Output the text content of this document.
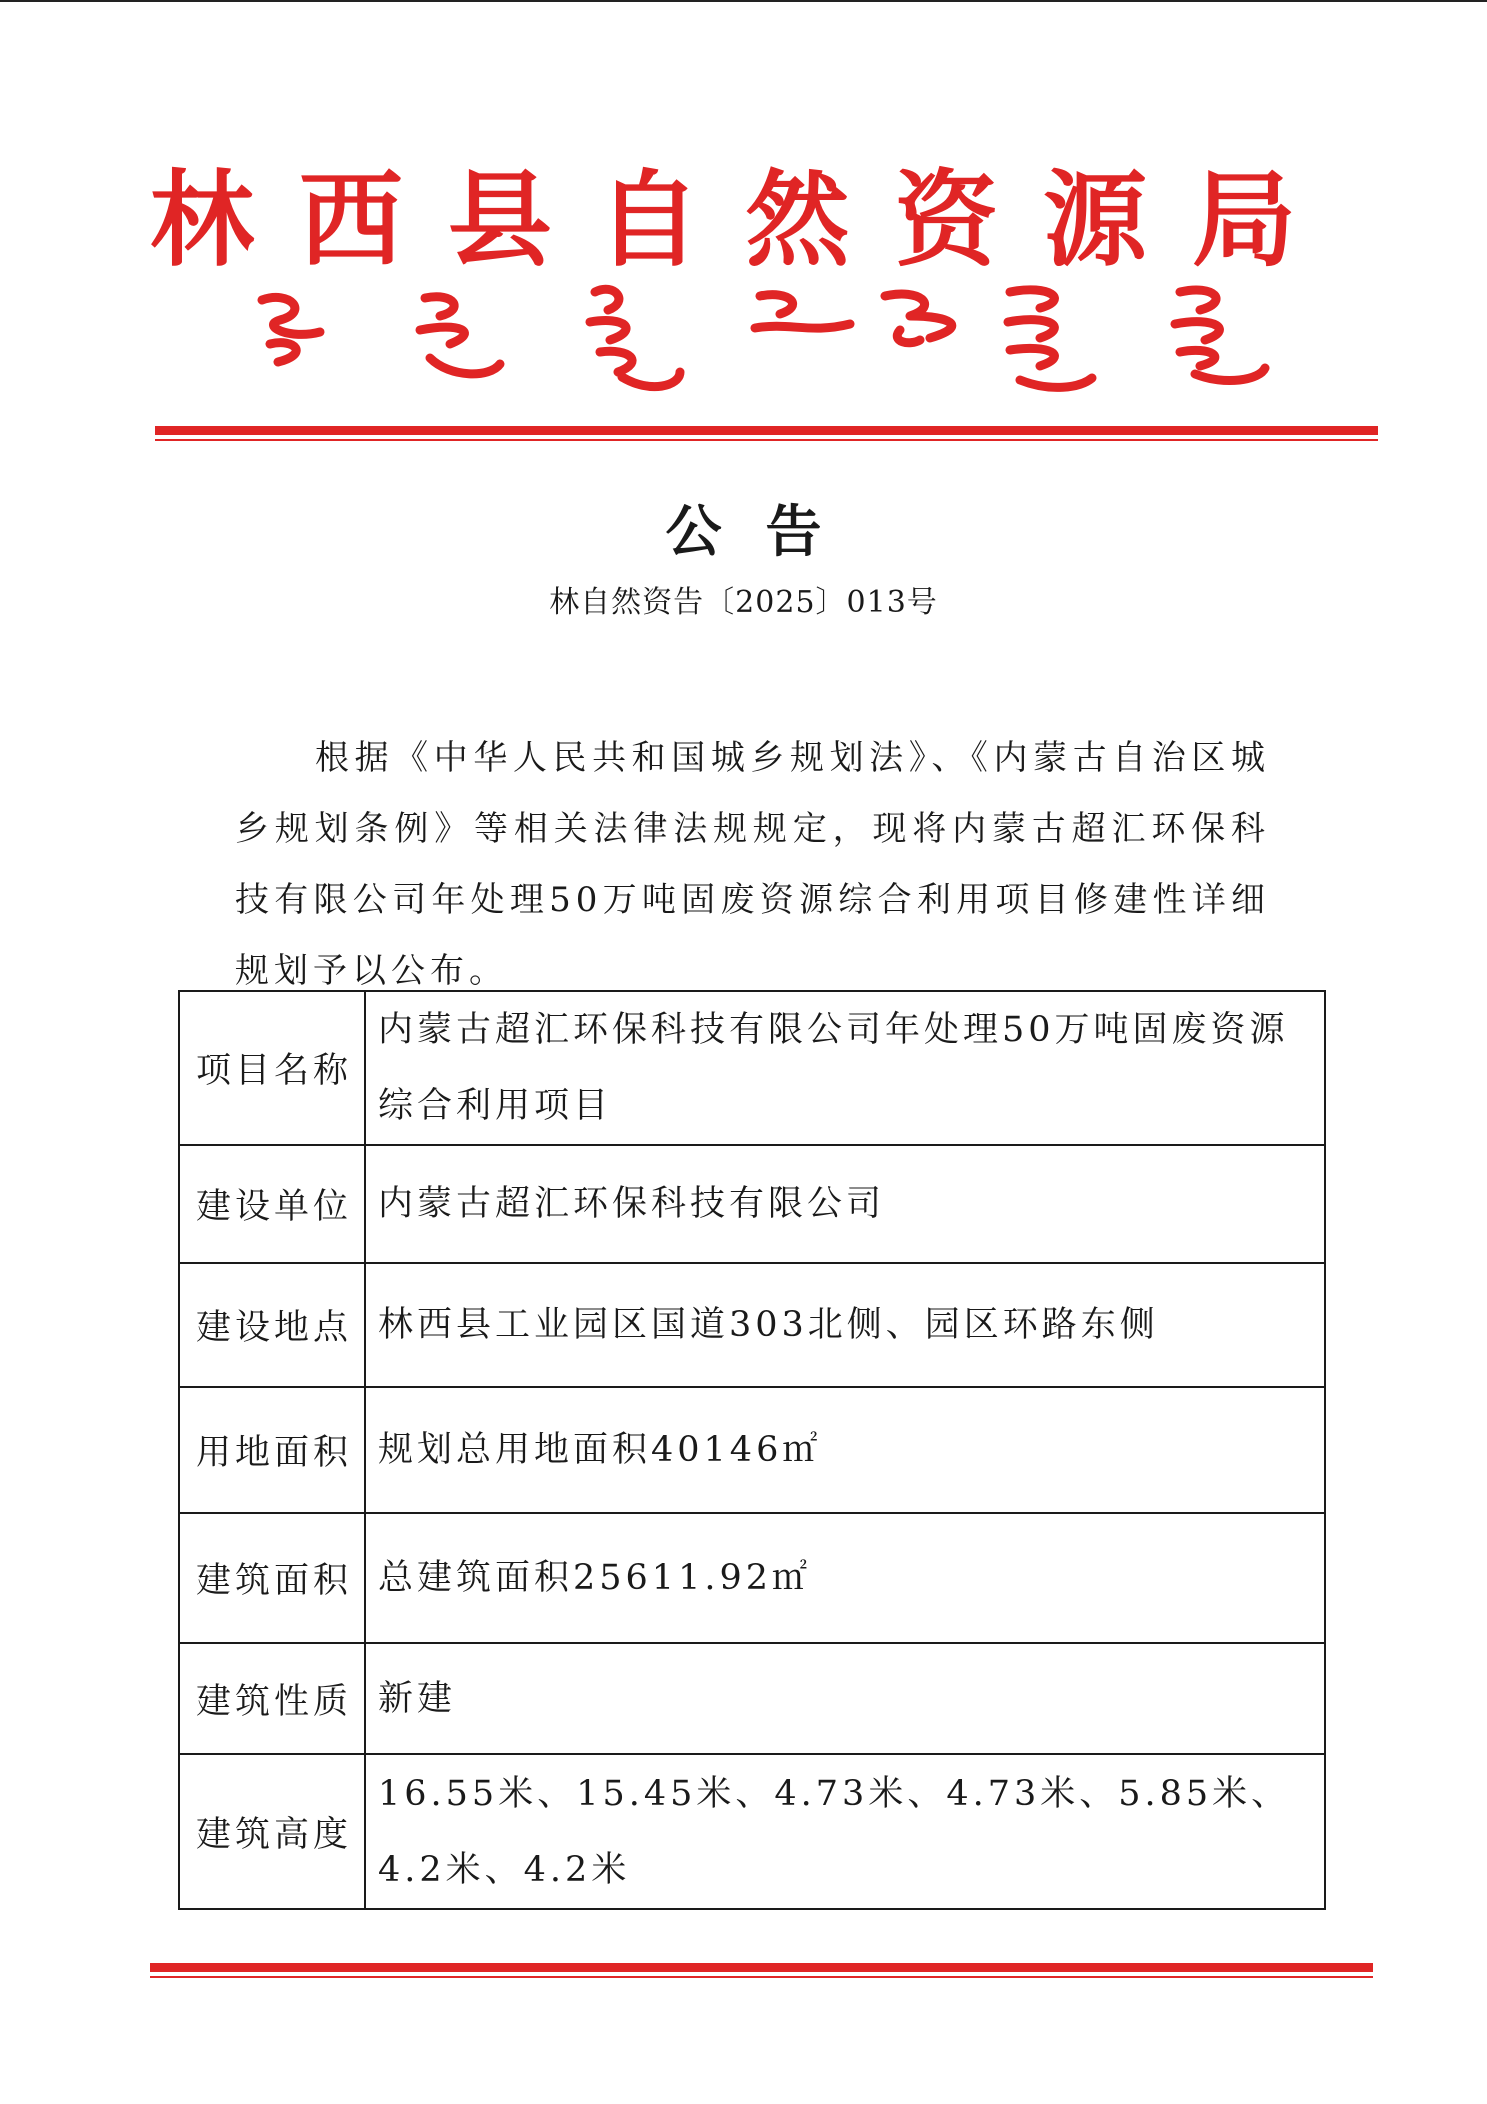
林西县自然资源局
公告
林自然资告〔2025〕013号
根据《中华人民共和国城乡规划法》、《内蒙古自治区城乡规划条例》等相关法律法规规定，现将内蒙古超汇环保科技有限公司年处理50万吨固废资源综合利用项目修建性详细规划予以公布。
项目名称	内蒙古超汇环保科技有限公司年处理50万吨固废资源综合利用项目
建设单位	内蒙古超汇环保科技有限公司
建设地点	林西县工业园区国道303北侧、园区环路东侧
用地面积	规划总用地面积40146㎡
建筑面积	总建筑面积25611.92㎡
建筑性质	新建
建筑高度	16.55米、15.45米、4.73米、4.73米、5.85米、4.2米、4.2米
